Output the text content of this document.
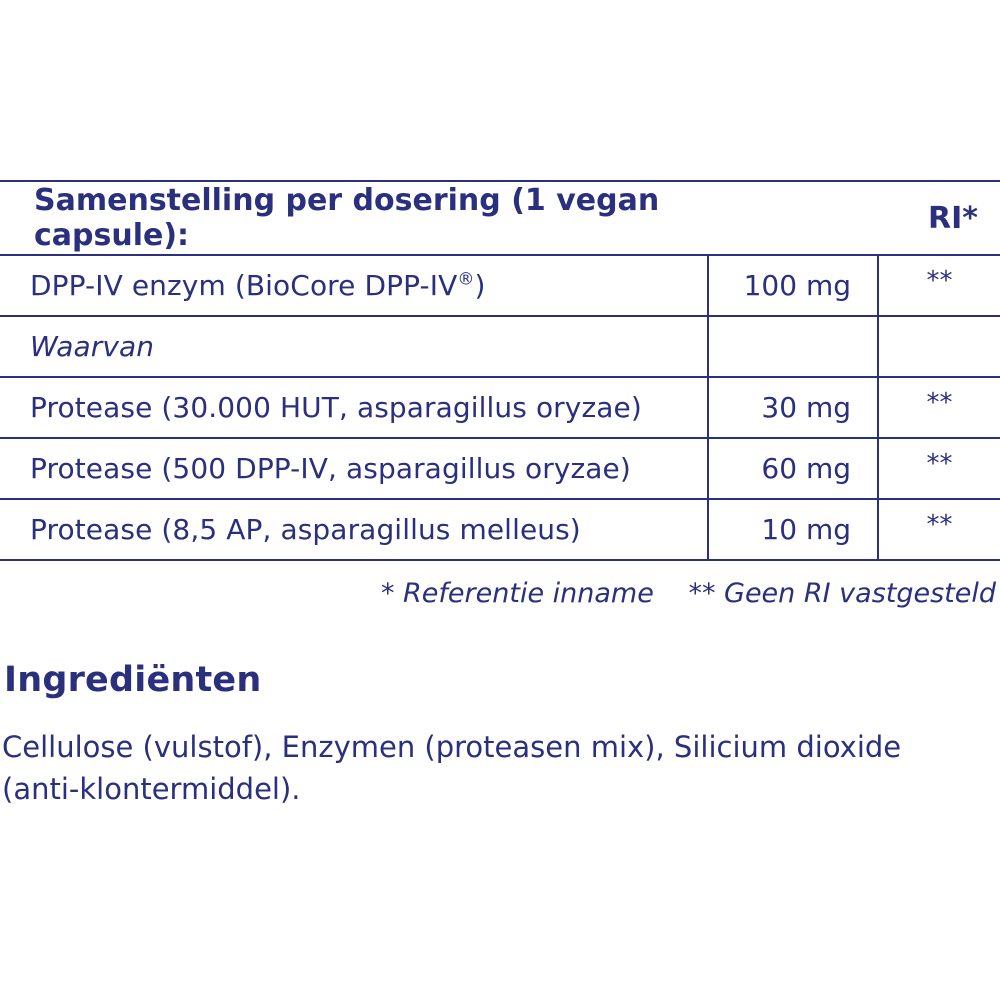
Samenstelling per dosering (1 vegan capsule):		RI*
DPP-IV enzym (BioCore DPP-IV®)	100 mg	**
Waarvan		
Protease (30.000 HUT, asparagillus oryzae)	30 mg	**
Protease (500 DPP-IV, asparagillus oryzae)	60 mg	**
Protease (8,5 AP, asparagillus melleus)	10 mg	**
* Referentie inname ** Geen RI vastgesteld
Ingrediënten
Cellulose (vulstof), Enzymen (proteasen mix), Silicium dioxide (anti-klontermiddel).
